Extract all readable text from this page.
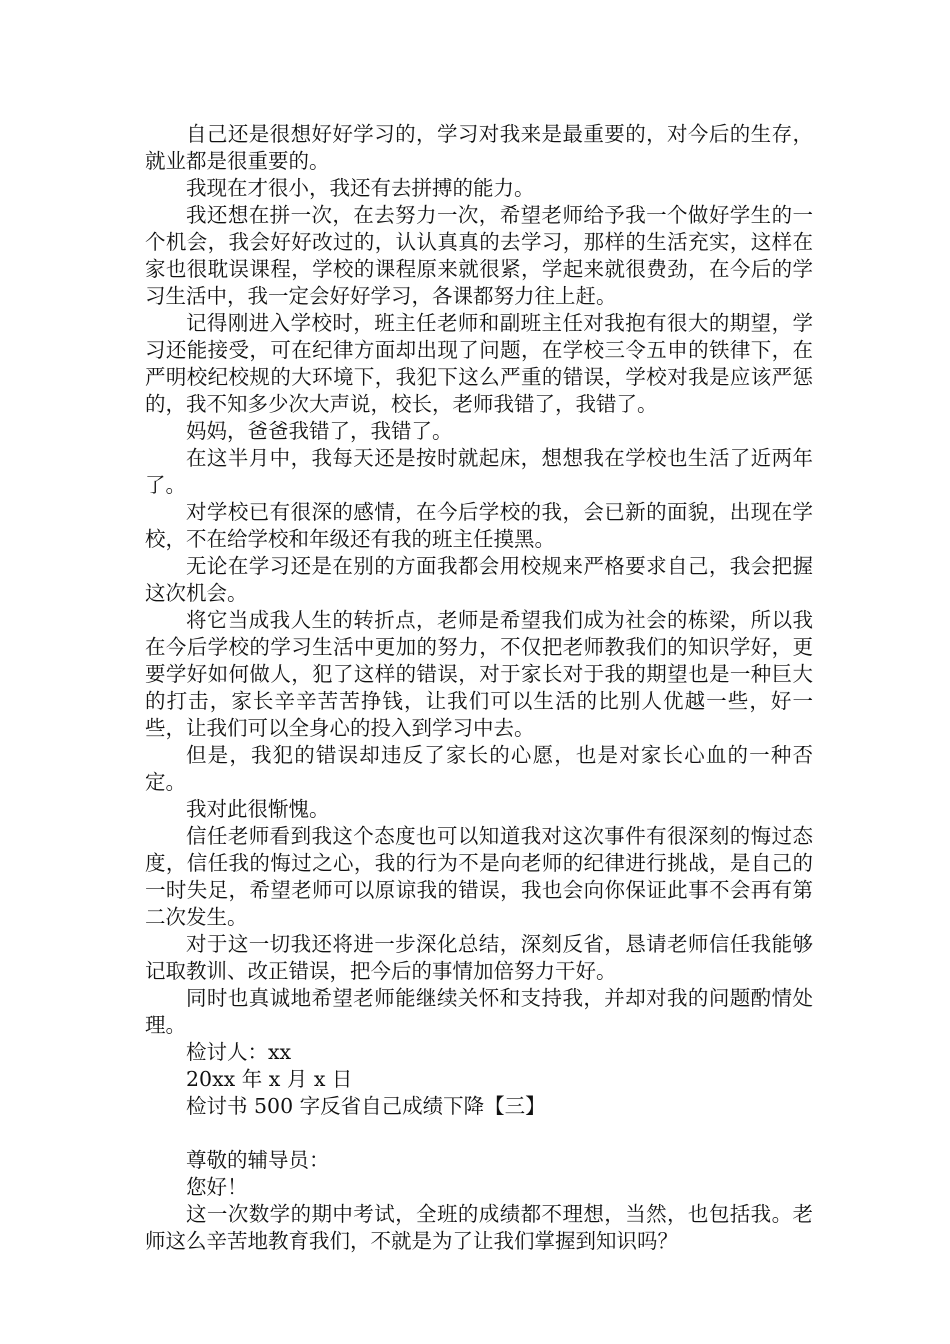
自己还是很想好好学习的，学习对我来是最重要的，对今后的生存，就业都是很重要的。

我现在才很小，我还有去拼搏的能力。

我还想在拼一次，在去努力一次，希望老师给予我一个做好学生的一个机会，我会好好改过的，认认真真的去学习，那样的生活充实，这样在家也很耽误课程，学校的课程原来就很紧，学起来就很费劲，在今后的学习生活中，我一定会好好学习，各课都努力往上赶。

记得刚进入学校时，班主任老师和副班主任对我抱有很大的期望，学习还能接受，可在纪律方面却出现了问题，在学校三令五申的铁律下，在严明校纪校规的大环境下，我犯下这么严重的错误，学校对我是应该严惩的，我不知多少次大声说，校长，老师我错了，我错了。

妈妈，爸爸我错了，我错了。

在这半月中，我每天还是按时就起床，想想我在学校也生活了近两年了。

对学校已有很深的感情，在今后学校的我，会已新的面貌，出现在学校，不在给学校和年级还有我的班主任摸黑。

无论在学习还是在别的方面我都会用校规来严格要求自己，我会把握这次机会。

将它当成我人生的转折点，老师是希望我们成为社会的栋梁，所以我在今后学校的学习生活中更加的努力，不仅把老师教我们的知识学好，更要学好如何做人，犯了这样的错误，对于家长对于我的期望也是一种巨大的打击，家长辛辛苦苦挣钱，让我们可以生活的比别人优越一些，好一些，让我们可以全身心的投入到学习中去。

但是，我犯的错误却违反了家长的心愿，也是对家长心血的一种否定。

我对此很惭愧。

信任老师看到我这个态度也可以知道我对这次事件有很深刻的悔过态度，信任我的悔过之心，我的行为不是向老师的纪律进行挑战，是自己的一时失足，希望老师可以原谅我的错误，我也会向你保证此事不会再有第二次发生。

对于这一切我还将进一步深化总结，深刻反省，恳请老师信任我能够记取教训、改正错误，把今后的事情加倍努力干好。

同时也真诚地希望老师能继续关怀和支持我，并却对我的问题酌情处理。

检讨人：xx

20xx 年 x 月 x 日

检讨书 500 字反省自己成绩下降【三】

尊敬的辅导员：

您好！

这一次数学的期中考试，全班的成绩都不理想，当然，也包括我。老师这么辛苦地教育我们，不就是为了让我们掌握到知识吗？
